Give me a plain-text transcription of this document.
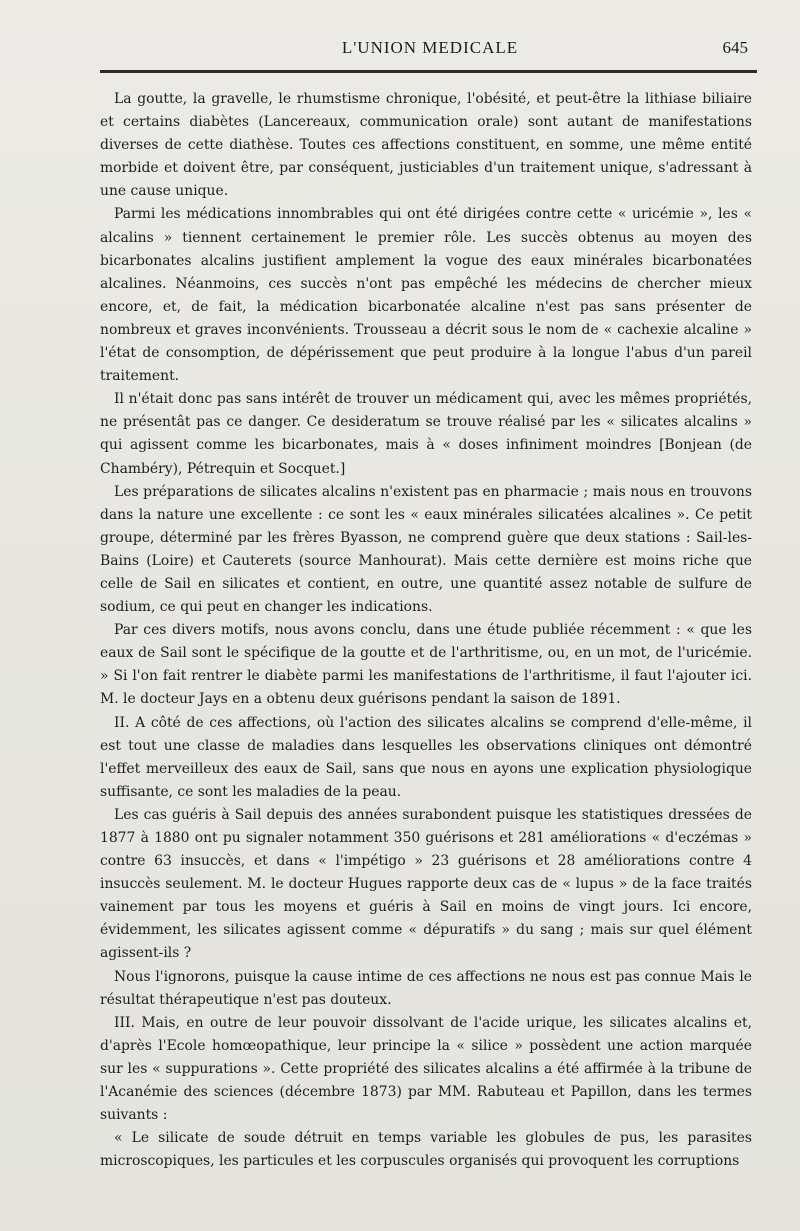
L'UNION MEDICALE	645

La goutte, la gravelle, le rhumstisme chronique, l'obésité, et peut-être la lithiase biliaire et certains diabètes (Lancereaux, communication orale) sont autant de manifestations diverses de cette diathèse. Toutes ces affections constituent, en somme, une même entité morbide et doivent être, par conséquent, justiciables d'un traitement unique, s'adressant à une cause unique.

Parmi les médications innombrables qui ont été dirigées contre cette « uricémie », les « alcalins » tiennent certainement le premier rôle. Les succès obtenus au moyen des bicarbonates alcalins justifient amplement la vogue des eaux minérales bicarbonatées alcalines. Néanmoins, ces succès n'ont pas empêché les médecins de chercher mieux encore, et, de fait, la médication bicarbonatée alcaline n'est pas sans présenter de nombreux et graves inconvénients. Trousseau a décrit sous le nom de « cachexie alcaline » l'état de consomption, de dépérissement que peut produire à la longue l'abus d'un pareil traitement.

Il n'était donc pas sans intérêt de trouver un médicament qui, avec les mêmes propriétés, ne présentât pas ce danger. Ce desideratum se trouve réalisé par les « silicates alcalins » qui agissent comme les bicarbonates, mais à « doses infiniment moindres [Bonjean (de Chambéry), Pétrequin et Socquet.]

Les préparations de silicates alcalins n'existent pas en pharmacie ; mais nous en trouvons dans la nature une excellente : ce sont les « eaux minérales silicatées alcalines ». Ce petit groupe, déterminé par les frères Byasson, ne comprend guère que deux stations : Sail-les-Bains (Loire) et Cauterets (source Manhourat). Mais cette dernière est moins riche que celle de Sail en silicates et contient, en outre, une quantité assez notable de sulfure de sodium, ce qui peut en changer les indications.

Par ces divers motifs, nous avons conclu, dans une étude publiée récemment : « que les eaux de Sail sont le spécifique de la goutte et de l'arthritisme, ou, en un mot, de l'uricémie. » Si l'on fait rentrer le diabète parmi les manifestations de l'arthritisme, il faut l'ajouter ici. M. le docteur Jays en a obtenu deux guérisons pendant la saison de 1891.

II. A côté de ces affections, où l'action des silicates alcalins se comprend d'elle-même, il est tout une classe de maladies dans lesquelles les observations cliniques ont démontré l'effet merveilleux des eaux de Sail, sans que nous en ayons une explication physiologique suffisante, ce sont les maladies de la peau.

Les cas guéris à Sail depuis des années surabondent puisque les statistiques dressées de 1877 à 1880 ont pu signaler notamment 350 guérisons et 281 améliorations « d'eczémas » contre 63 insuccès, et dans « l'impétigo » 23 guérisons et 28 améliorations contre 4 insuccès seulement. M. le docteur Hugues rapporte deux cas de « lupus » de la face traités vainement par tous les moyens et guéris à Sail en moins de vingt jours. Ici encore, évidemment, les silicates agissent comme « dépuratifs » du sang ; mais sur quel élément agissent-ils ?

Nous l'ignorons, puisque la cause intime de ces affections ne nous est pas connue Mais le résultat thérapeutique n'est pas douteux.

III. Mais, en outre de leur pouvoir dissolvant de l'acide urique, les silicates alcalins et, d'après l'Ecole homœopathique, leur principe la « silice » possèdent une action marquée sur les « suppurations ». Cette propriété des silicates alcalins a été affirmée à la tribune de l'Acanémie des sciences (décembre 1873) par MM. Rabuteau et Papillon, dans les termes suivants :

« Le silicate de soude détruit en temps variable les globules de pus, les parasites microscopiques, les particules et les corpuscules organisés qui provoquent les corruptions
